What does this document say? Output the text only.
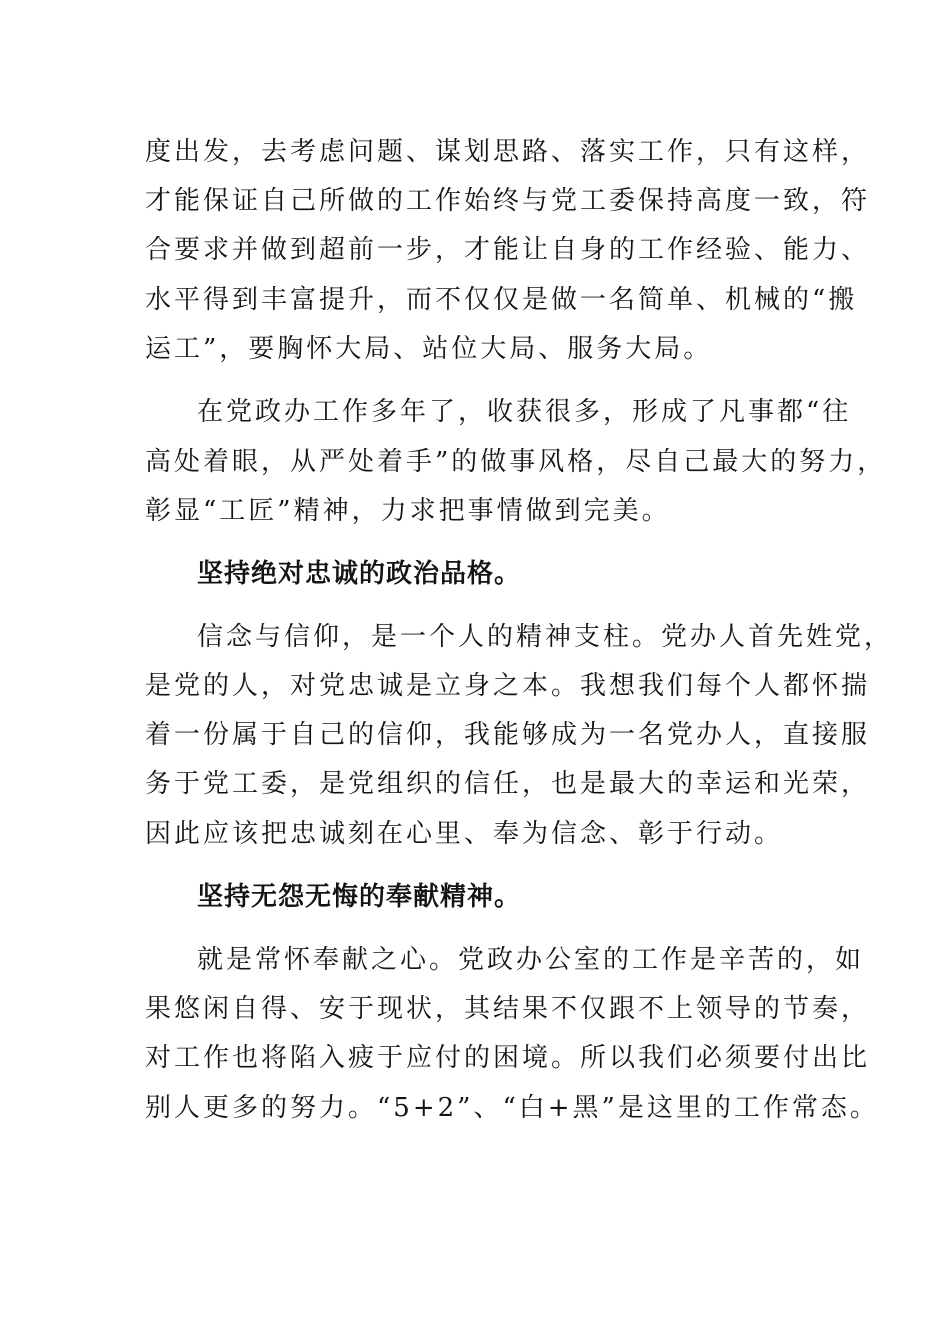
度出发，去考虑问题、谋划思路、落实工作，只有这样，
才能保证自己所做的工作始终与党工委保持高度一致，符
合要求并做到超前一步，才能让自身的工作经验、能力、
水平得到丰富提升，而不仅仅是做一名简单、机械的“搬
运工”，要胸怀大局、站位大局、服务大局。
在党政办工作多年了，收获很多，形成了凡事都“往
高处着眼，从严处着手”的做事风格，尽自己最大的努力，
彰显“工匠”精神，力求把事情做到完美。
坚持绝对忠诚的政治品格。
信念与信仰，是一个人的精神支柱。党办人首先姓党，
是党的人，对党忠诚是立身之本。我想我们每个人都怀揣
着一份属于自己的信仰，我能够成为一名党办人，直接服
务于党工委，是党组织的信任，也是最大的幸运和光荣，
因此应该把忠诚刻在心里、奉为信念、彰于行动。
坚持无怨无悔的奉献精神。
就是常怀奉献之心。党政办公室的工作是辛苦的，如
果悠闲自得、安于现状，其结果不仅跟不上领导的节奏，
对工作也将陷入疲于应付的困境。所以我们必须要付出比
别人更多的努力。“5+2”、“白+黑”是这里的工作常态。
